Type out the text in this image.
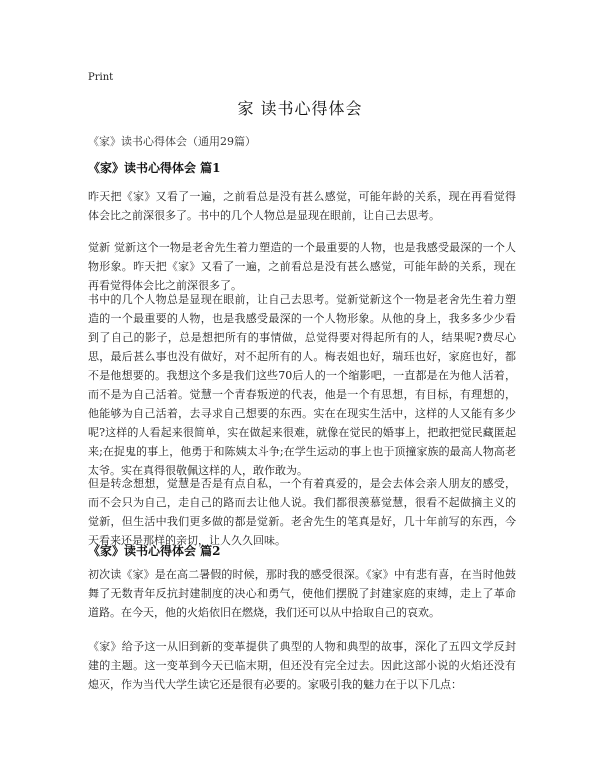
Print
家 读书心得体会
《家》读书心得体会（通用29篇）
《家》读书心得体会 篇1

昨天把《家》又看了一遍，之前看总是没有甚么感觉，可能年龄的关系，现在再看觉得体会比之前深很多了。书中的几个人物总是显现在眼前，让自己去思考。

觉新 觉新这个一物是老舍先生着力塑造的一个最重要的人物，也是我感受最深的一个人物形象。昨天把《家》又看了一遍，之前看总是没有甚么感觉，可能年龄的关系，现在再看觉得体会比之前深很多了。

书中的几个人物总是显现在眼前，让自己去思考。觉新觉新这个一物是老舍先生着力塑造的一个最重要的人物，也是我感受最深的一个人物形象。从他的身上，我多多少少看到了自己的影子，总是想把所有的事情做，总觉得要对得起所有的人，结果呢?费尽心思，最后甚么事也没有做好，对不起所有的人。梅表姐也好，瑞珏也好，家庭也好，都不是他想要的。我想这个多是我们这些70后人的一个缩影吧，一直都是在为他人活着，而不是为自己活着。觉慧一个青春叛逆的代表，他是一个有思想，有目标，有理想的，他能够为自己活着，去寻求自己想要的东西。实在在现实生活中，这样的人又能有多少呢?这样的人看起来很简单，实在做起来很难，就像在觉民的婚事上，把敢把觉民藏匿起来;在捉鬼的事上，他勇于和陈姨太斗争;在学生运动的事上也于顶撞家族的最高人物高老太爷。实在真得很敬佩这样的人，敢作敢为。

但是转念想想，觉慧是否是有点自私，一个有着真爱的，是会去体会亲人朋友的感受，而不会只为自己，走自己的路而去让他人说。我们都很羡慕觉慧，很看不起做摘主义的觉新，但生活中我们更多做的都是觉新。老舍先生的笔真是好，几十年前写的东西，今天看来还是那样的亲切，让人久久回味。

《家》读书心得体会 篇2

初次读《家》是在高二暑假的时候，那时我的感受很深。《家》中有悲有喜，在当时他鼓舞了无数青年反抗封建制度的决心和勇气，使他们摆脱了封建家庭的束缚，走上了革命道路。在今天，他的火焰依旧在燃烧，我们还可以从中拾取自己的哀欢。

《家》给予这一从旧到新的变革提供了典型的人物和典型的故事，深化了五四文学反封建的主题。这一变革到今天已临末期，但还没有完全过去。因此这部小说的火焰还没有熄灭，作为当代大学生读它还是很有必要的。家吸引我的魅力在于以下几点：
